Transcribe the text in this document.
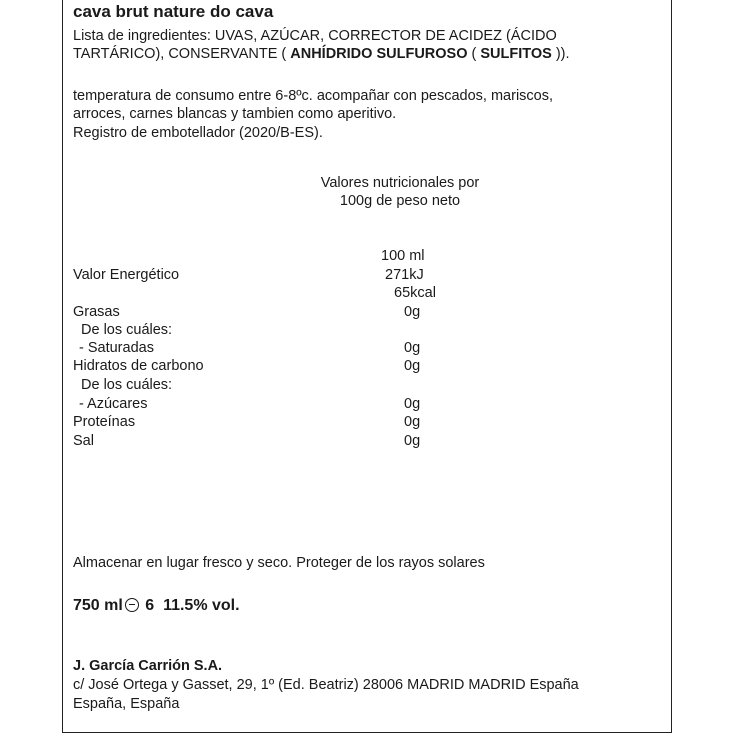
cava brut nature do cava
Lista de ingredientes: UVAS, AZÚCAR, CORRECTOR DE ACIDEZ (ÁCIDO
TARTÁRICO), CONSERVANTE ( ANHÍDRIDO SULFUROSO ( SULFITOS )).
temperatura de consumo entre 6-8ºc. acompañar con pescados, mariscos,
arroces, carnes blancas y tambien como aperitivo.
Registro de embotellador (2020/B-ES).
Valores nutricionales por
100g de peso neto
100 ml
Valor Energético	271kJ
65kcal
Grasas	0g
De los cuáles:
- Saturadas	0g
Hidratos de carbono	0g
De los cuáles:
- Azúcares	0g
Proteínas	0g
Sal	0g
Almacenar en lugar fresco y seco. Proteger de los rayos solares
750 ml 6 11.5% vol.
J. García Carrión S.A.
c/ José Ortega y Gasset, 29, 1º (Ed. Beatriz) 28006 MADRID MADRID España
España, España
